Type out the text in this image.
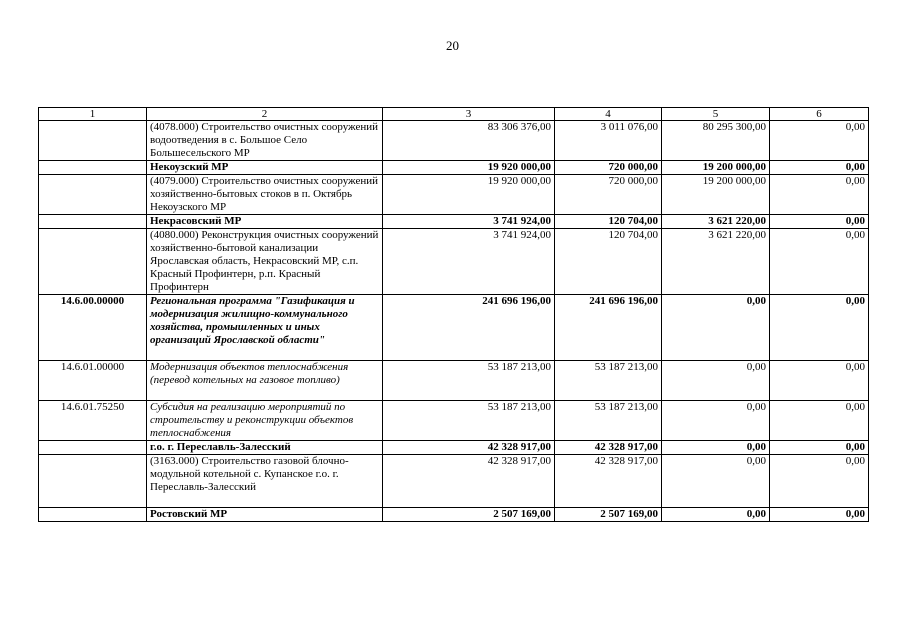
20
1	2	3	4	5	6
	(4078.000) Строительство очистных сооружений водоотведения в с. Большое Село Большесельского МР	83 306 376,00	3 011 076,00	80 295 300,00	0,00
	Некоузский МР	19 920 000,00	720 000,00	19 200 000,00	0,00
	(4079.000) Строительство очистных сооружений хозяйственно-бытовых стоков в п. Октябрь Некоузского МР	19 920 000,00	720 000,00	19 200 000,00	0,00
	Некрасовский МР	3 741 924,00	120 704,00	3 621 220,00	0,00
	(4080.000) Реконструкция очистных сооружений хозяйственно-бытовой канализации Ярославская область, Некрасовский МР, с.п. Красный Профинтерн, р.п. Красный Профинтерн	3 741 924,00	120 704,00	3 621 220,00	0,00
14.6.00.00000	Региональная программа "Газификация и модернизация жилищно-коммунального хозяйства, промышленных и иных организаций Ярославской области"	241 696 196,00	241 696 196,00	0,00	0,00
14.6.01.00000	Модернизация объектов теплоснабжения (перевод котельных на газовое топливо)	53 187 213,00	53 187 213,00	0,00	0,00
14.6.01.75250	Субсидия на реализацию мероприятий по строительству и реконструкции объектов теплоснабжения	53 187 213,00	53 187 213,00	0,00	0,00
	г.о. г. Переславль-Залесский	42 328 917,00	42 328 917,00	0,00	0,00
	(3163.000) Строительство газовой блочно-модульной котельной с. Купанское г.о. г. Переславль-Залесский	42 328 917,00	42 328 917,00	0,00	0,00
	Ростовский МР	2 507 169,00	2 507 169,00	0,00	0,00
